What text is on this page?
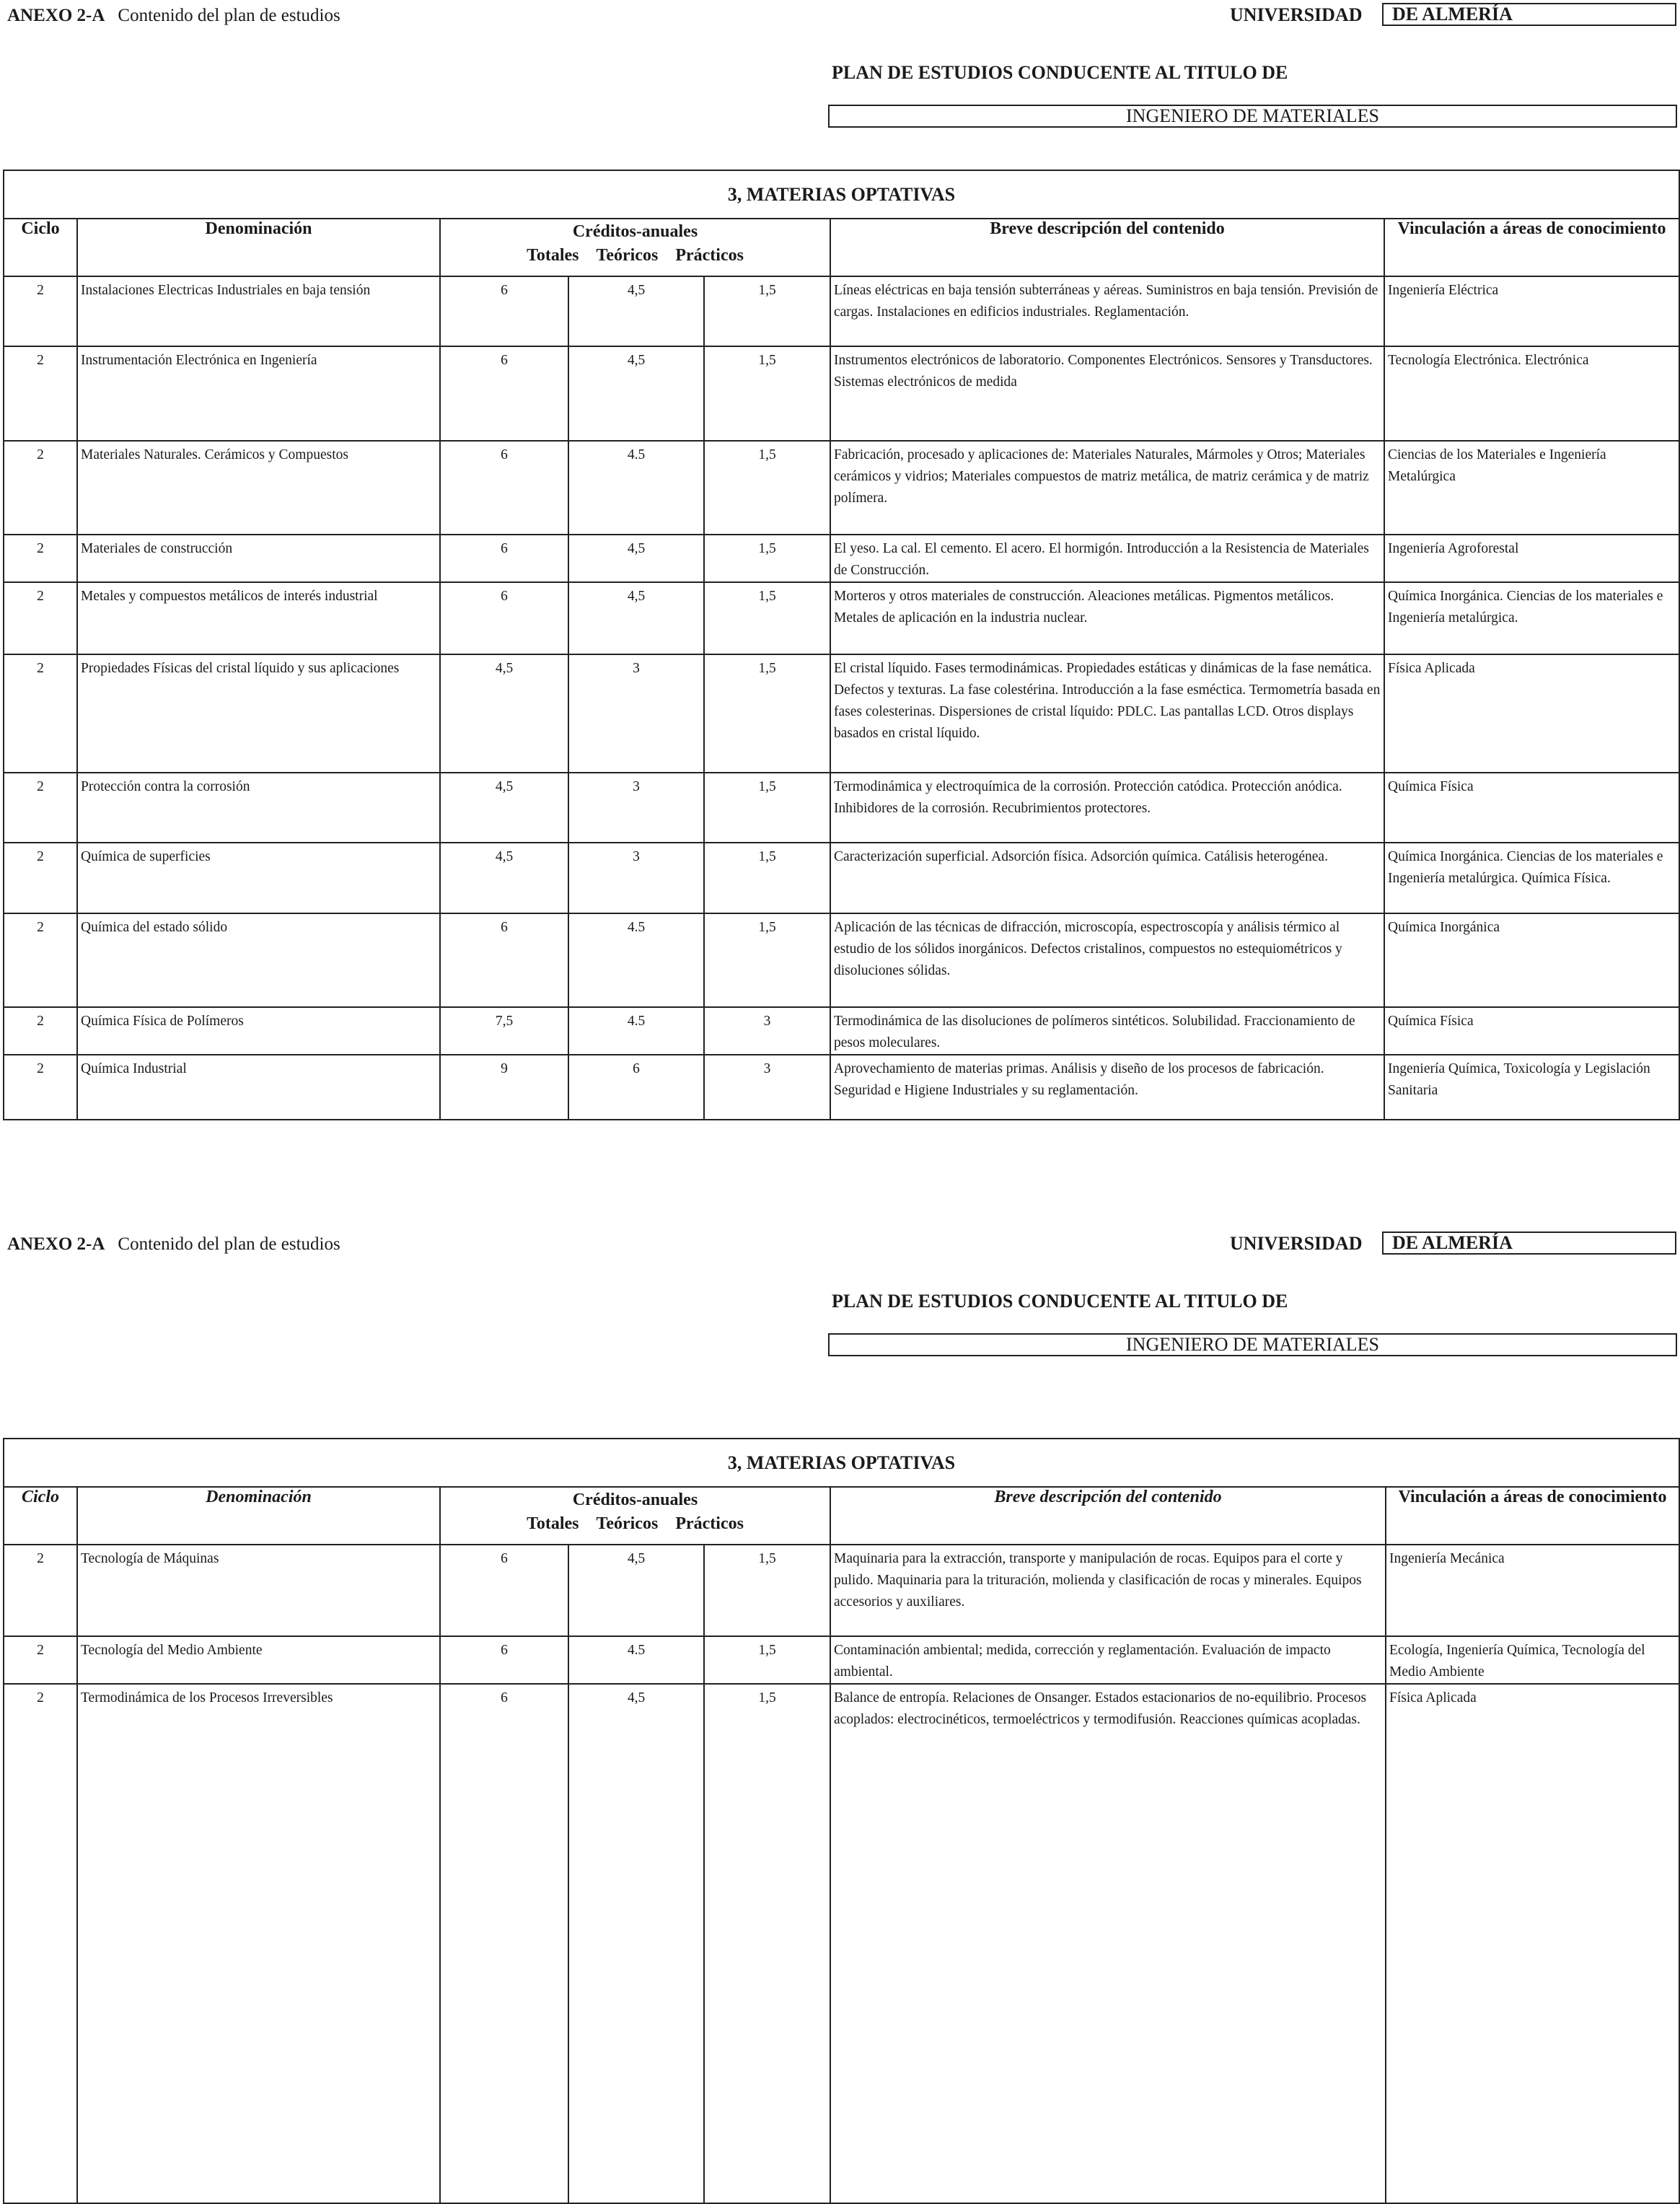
ANEXO 2-A Contenido del plan de estudios	UNIVERSIDAD	DE ALMERÍA
PLAN DE ESTUDIOS CONDUCENTE AL TITULO DE
INGENIERO DE MATERIALES
3, MATERIAS OPTATIVAS						
Ciclo	Denominación	Créditos-anuales
Totales Teóricos Prácticos			Breve descripción del contenido	Vinculación a áreas de conocimiento

2	Instalaciones Electricas Industriales en baja tensión	6	4,5	1,5	Líneas eléctricas en baja tensión subterráneas y aéreas. Suministros en baja tensión. Previsión de cargas. Instalaciones en edificios industriales. Reglamentación.	Ingeniería Eléctrica

2	Instrumentación Electrónica en Ingeniería	6	4,5	1,5	Instrumentos electrónicos de laboratorio. Componentes Electrónicos. Sensores y Transductores. Sistemas electrónicos de medida	Tecnología Electrónica. Electrónica

2	Materiales Naturales. Cerámicos y Compuestos	6	4.5	1,5	Fabricación, procesado y aplicaciones de: Materiales Naturales, Mármoles y Otros; Materiales cerámicos y vidrios; Materiales compuestos de matriz metálica, de matriz cerámica y de matriz polímera.	Ciencias de los Materiales e Ingeniería Metalúrgica

2	Materiales de construcción	6	4,5	1,5	El yeso. La cal. El cemento. El acero. El hormigón. Introducción a la Resistencia de Materiales de Construcción.	Ingeniería Agroforestal

2	Metales y compuestos metálicos de interés industrial	6	4,5	1,5	Morteros y otros materiales de construcción. Aleaciones metálicas. Pigmentos metálicos. Metales de aplicación en la industria nuclear.	Química Inorgánica. Ciencias de los materiales e Ingeniería metalúrgica.

2	Propiedades Físicas del cristal líquido y sus aplicaciones	4,5	3	1,5	El cristal líquido. Fases termodinámicas. Propiedades estáticas y dinámicas de la fase nemática. Defectos y texturas. La fase colestérina. Introducción a la fase esméctica. Termometría basada en fases colesterinas. Dispersiones de cristal líquido: PDLC. Las pantallas LCD. Otros displays basados en cristal líquido.	Física Aplicada

2	Protección contra la corrosión	4,5	3	1,5	Termodinámica y electroquímica de la corrosión. Protección catódica. Protección anódica. Inhibidores de la corrosión. Recubrimientos protectores.	Química Física

2	Química de superficies	4,5	3	1,5	Caracterización superficial. Adsorción física. Adsorción química. Catálisis heterogénea.	Química Inorgánica. Ciencias de los materiales e Ingeniería metalúrgica. Química Física.

2	Química del estado sólido	6	4.5	1,5	Aplicación de las técnicas de difracción, microscopía, espectroscopía y análisis térmico al estudio de los sólidos inorgánicos. Defectos cristalinos, compuestos no estequiométricos y disoluciones sólidas.	Química Inorgánica

2	Química Física de Polímeros	7,5	4.5	3	Termodinámica de las disoluciones de polímeros sintéticos. Solubilidad. Fraccionamiento de pesos moleculares.	Química Física

2	Química Industrial	9	6	3	Aprovechamiento de materias primas. Análisis y diseño de los procesos de fabricación. Seguridad e Higiene Industriales y su reglamentación.	Ingeniería Química, Toxicología y Legislación Sanitaria
ANEXO 2-A Contenido del plan de estudios	UNIVERSIDAD	DE ALMERÍA
PLAN DE ESTUDIOS CONDUCENTE AL TITULO DE
INGENIERO DE MATERIALES
3, MATERIAS OPTATIVAS						
Ciclo	Denominación	Créditos-anuales
Totales Teóricos Prácticos			Breve descripción del contenido	Vinculación a áreas de conocimiento

2	Tecnología de Máquinas	6	4,5	1,5	Maquinaria para la extracción, transporte y manipulación de rocas. Equipos para el corte y pulido. Maquinaria para la trituración, molienda y clasificación de rocas y minerales. Equipos accesorios y auxiliares.	Ingeniería Mecánica

2	Tecnología del Medio Ambiente	6	4.5	1,5	Contaminación ambiental; medida, corrección y reglamentación. Evaluación de impacto ambiental.	Ecología, Ingeniería Química, Tecnología del Medio Ambiente

2	Termodinámica de los Procesos Irreversibles	6	4,5	1,5	Balance de entropía. Relaciones de Onsanger. Estados estacionarios de no-equilibrio. Procesos acoplados: electrocinéticos, termoeléctricos y termodifusión. Reacciones químicas acopladas.	Física Aplicada
